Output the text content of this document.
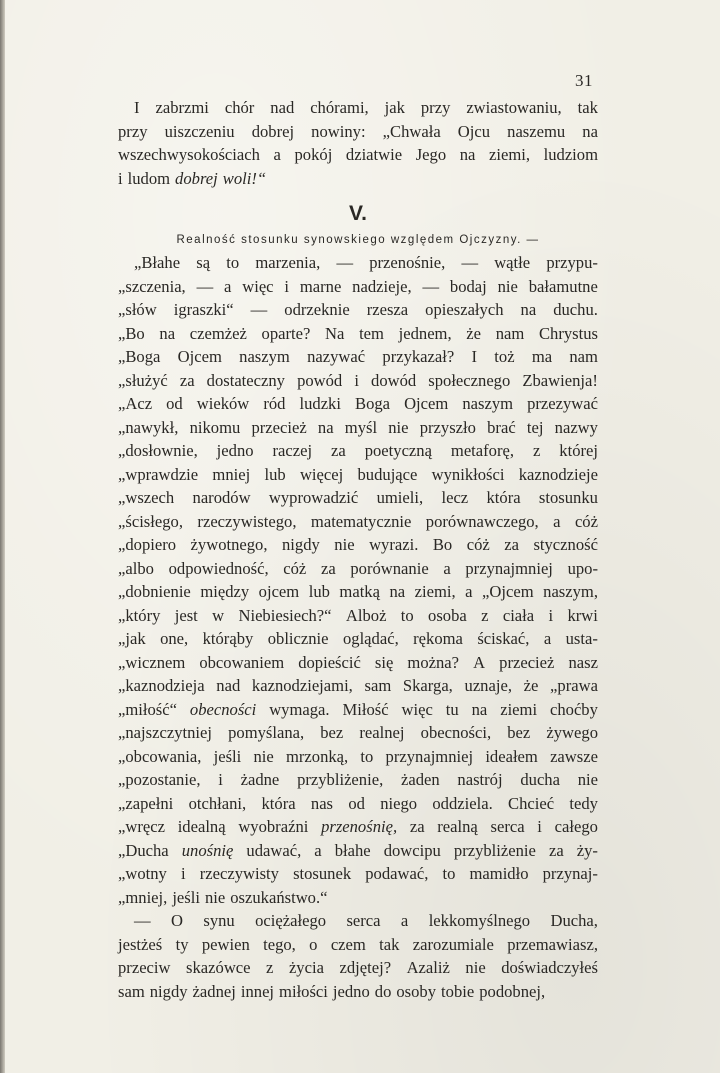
31
I zabrzmi chór nad chórami, jak przy zwiastowaniu, tak
przy uiszczeniu dobrej nowiny: „Chwała Ojcu naszemu na
wszechwysokościach a pokój dziatwie Jego na ziemi, ludziom
i ludom dobrej woli!“
V.
Realność stosunku synowskiego względem Ojczyzny. —
„Błahe są to marzenia, — przenośnie, — wątłe przypu-
„szczenia, — a więc i marne nadzieje, — bodaj nie bałamutne
„słów igraszki“ — odrzeknie rzesza opieszałych na duchu.
„Bo na czemżeż oparte? Na tem jednem, że nam Chrystus
„Boga Ojcem naszym nazywać przykazał? I toż ma nam
„służyć za dostateczny powód i dowód społecznego Zbawienja!
„Acz od wieków ród ludzki Boga Ojcem naszym przezywać
„nawykł, nikomu przecież na myśl nie przyszło brać tej nazwy
„dosłownie, jedno raczej za poetyczną metaforę, z której
„wprawdzie mniej lub więcej budujące wynikłości kaznodzieje
„wszech narodów wyprowadzić umieli, lecz która stosunku
„ścisłego, rzeczywistego, matematycznie porównawczego, a cóż
„dopiero żywotnego, nigdy nie wyrazi. Bo cóż za styczność
„albo odpowiedność, cóż za porównanie a przynajmniej upo-
„dobnienie między ojcem lub matką na ziemi, a „Ojcem naszym,
„który jest w Niebiesiech?“ Alboż to osoba z ciała i krwi
„jak one, którąby oblicznie oglądać, rękoma ściskać, a usta-
„wicznem obcowaniem dopieścić się można? A przecież nasz
„kaznodzieja nad kaznodziejami, sam Skarga, uznaje, że „prawa
„miłość“ obecności wymaga. Miłość więc tu na ziemi choćby
„najszczytniej pomyślana, bez realnej obecności, bez żywego
„obcowania, jeśli nie mrzonką, to przynajmniej ideałem zawsze
„pozostanie, i żadne przybliżenie, żaden nastrój ducha nie
„zapełni otchłani, która nas od niego oddziela. Chcieć tedy
„wręcz idealną wyobraźni przenośnię, za realną serca i całego
„Ducha unośnię udawać, a błahe dowcipu przybliżenie za ży-
„wotny i rzeczywisty stosunek podawać, to mamidło przynaj-
„mniej, jeśli nie oszukaństwo.“
— O synu ociężałego serca a lekkomyślnego Ducha,
jestżeś ty pewien tego, o czem tak zarozumiale przemawiasz,
przeciw skazówce z życia zdjętej? Azaliż nie doświadczyłeś
sam nigdy żadnej innej miłości jedno do osoby tobie podobnej,
